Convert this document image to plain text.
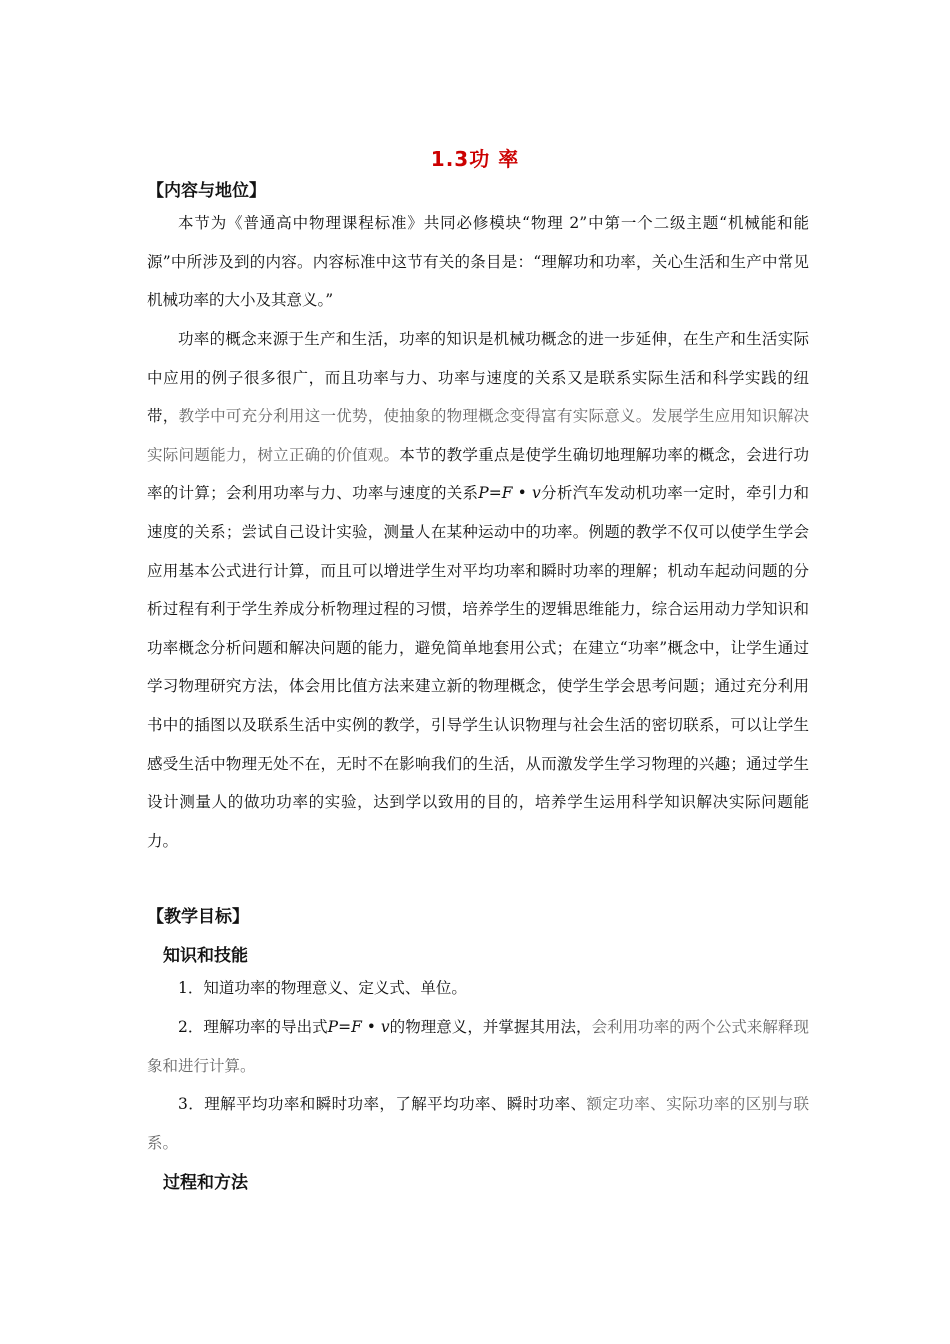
1.3功 率
【内容与地位】
本节为《普通高中物理课程标准》共同必修模块“物理 2”中第一个二级主题“机械能和能源”中所涉及到的内容。内容标准中这节有关的条目是：“理解功和功率，关心生活和生产中常见机械功率的大小及其意义。”
功率的概念来源于生产和生活，功率的知识是机械功概念的进一步延伸，在生产和生活实际中应用的例子很多很广，而且功率与力、功率与速度的关系又是联系实际生活和科学实践的纽带，教学中可充分利用这一优势，使抽象的物理概念变得富有实际意义。发展学生应用知识解决实际问题能力，树立正确的价值观。本节的教学重点是使学生确切地理解功率的概念，会进行功率的计算；会利用功率与力、功率与速度的关系P=F • v分析汽车发动机功率一定时，牵引力和速度的关系；尝试自己设计实验，测量人在某种运动中的功率。例题的教学不仅可以使学生学会应用基本公式进行计算，而且可以增进学生对平均功率和瞬时功率的理解；机动车起动问题的分析过程有利于学生养成分析物理过程的习惯，培养学生的逻辑思维能力，综合运用动力学知识和功率概念分析问题和解决问题的能力，避免简单地套用公式；在建立“功率”概念中，让学生通过学习物理研究方法，体会用比值方法来建立新的物理概念，使学生学会思考问题；通过充分利用书中的插图以及联系生活中实例的教学，引导学生认识物理与社会生活的密切联系，可以让学生感受生活中物理无处不在，无时不在影响我们的生活，从而激发学生学习物理的兴趣；通过学生设计测量人的做功功率的实验，达到学以致用的目的，培养学生运用科学知识解决实际问题能力。
【教学目标】
知识和技能
1．知道功率的物理意义、定义式、单位。
2．理解功率的导出式P=F • v的物理意义，并掌握其用法，会利用功率的两个公式来解释现象和进行计算。
3．理解平均功率和瞬时功率，了解平均功率、瞬时功率、额定功率、实际功率的区别与联系。
过程和方法
